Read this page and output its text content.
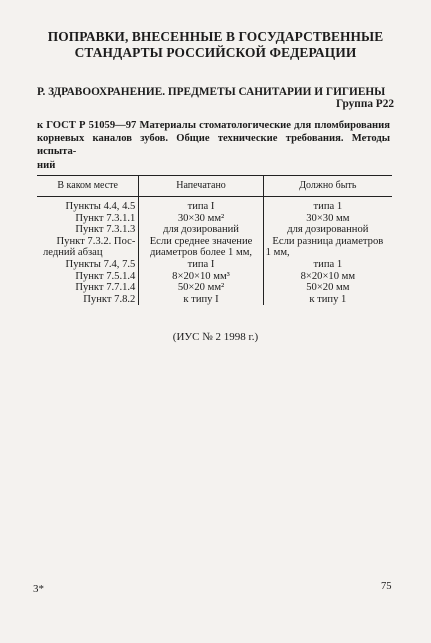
ПОПРАВКИ, ВНЕСЕННЫЕ В ГОСУДАРСТВЕННЫЕ
СТАНДАРТЫ РОССИЙСКОЙ ФЕДЕРАЦИИ
Р. ЗДРАВООХРАНЕНИЕ. ПРЕДМЕТЫ САНИТАРИИ И ГИГИЕНЫ
Группа Р22
к ГОСТ Р 51059—97 Материалы стоматологические для пломбирования
корневых каналов зубов. Общие технические требования. Методы испыта-
ний
В каком месте	Напечатано	Должно быть
Пункты 4.4, 4.5	типа I	типа 1
Пункт 7.3.1.1	30×30 мм²	30×30 мм
Пункт 7.3.1.3	для дозирований	для дозированной
Пункт 7.3.2. Пос-	Если среднее значение	Если разница диаметров
ледний абзац	диаметров более 1 мм,	1 мм,
Пункты 7.4, 7.5	типа I	типа 1
Пункт 7.5.1.4	8×20×10 мм³	8×20×10 мм
Пункт 7.7.1.4	50×20 мм²	50×20 мм
Пункт 7.8.2	к типу I	к типу 1
(ИУС № 2 1998 г.)
3*	75
